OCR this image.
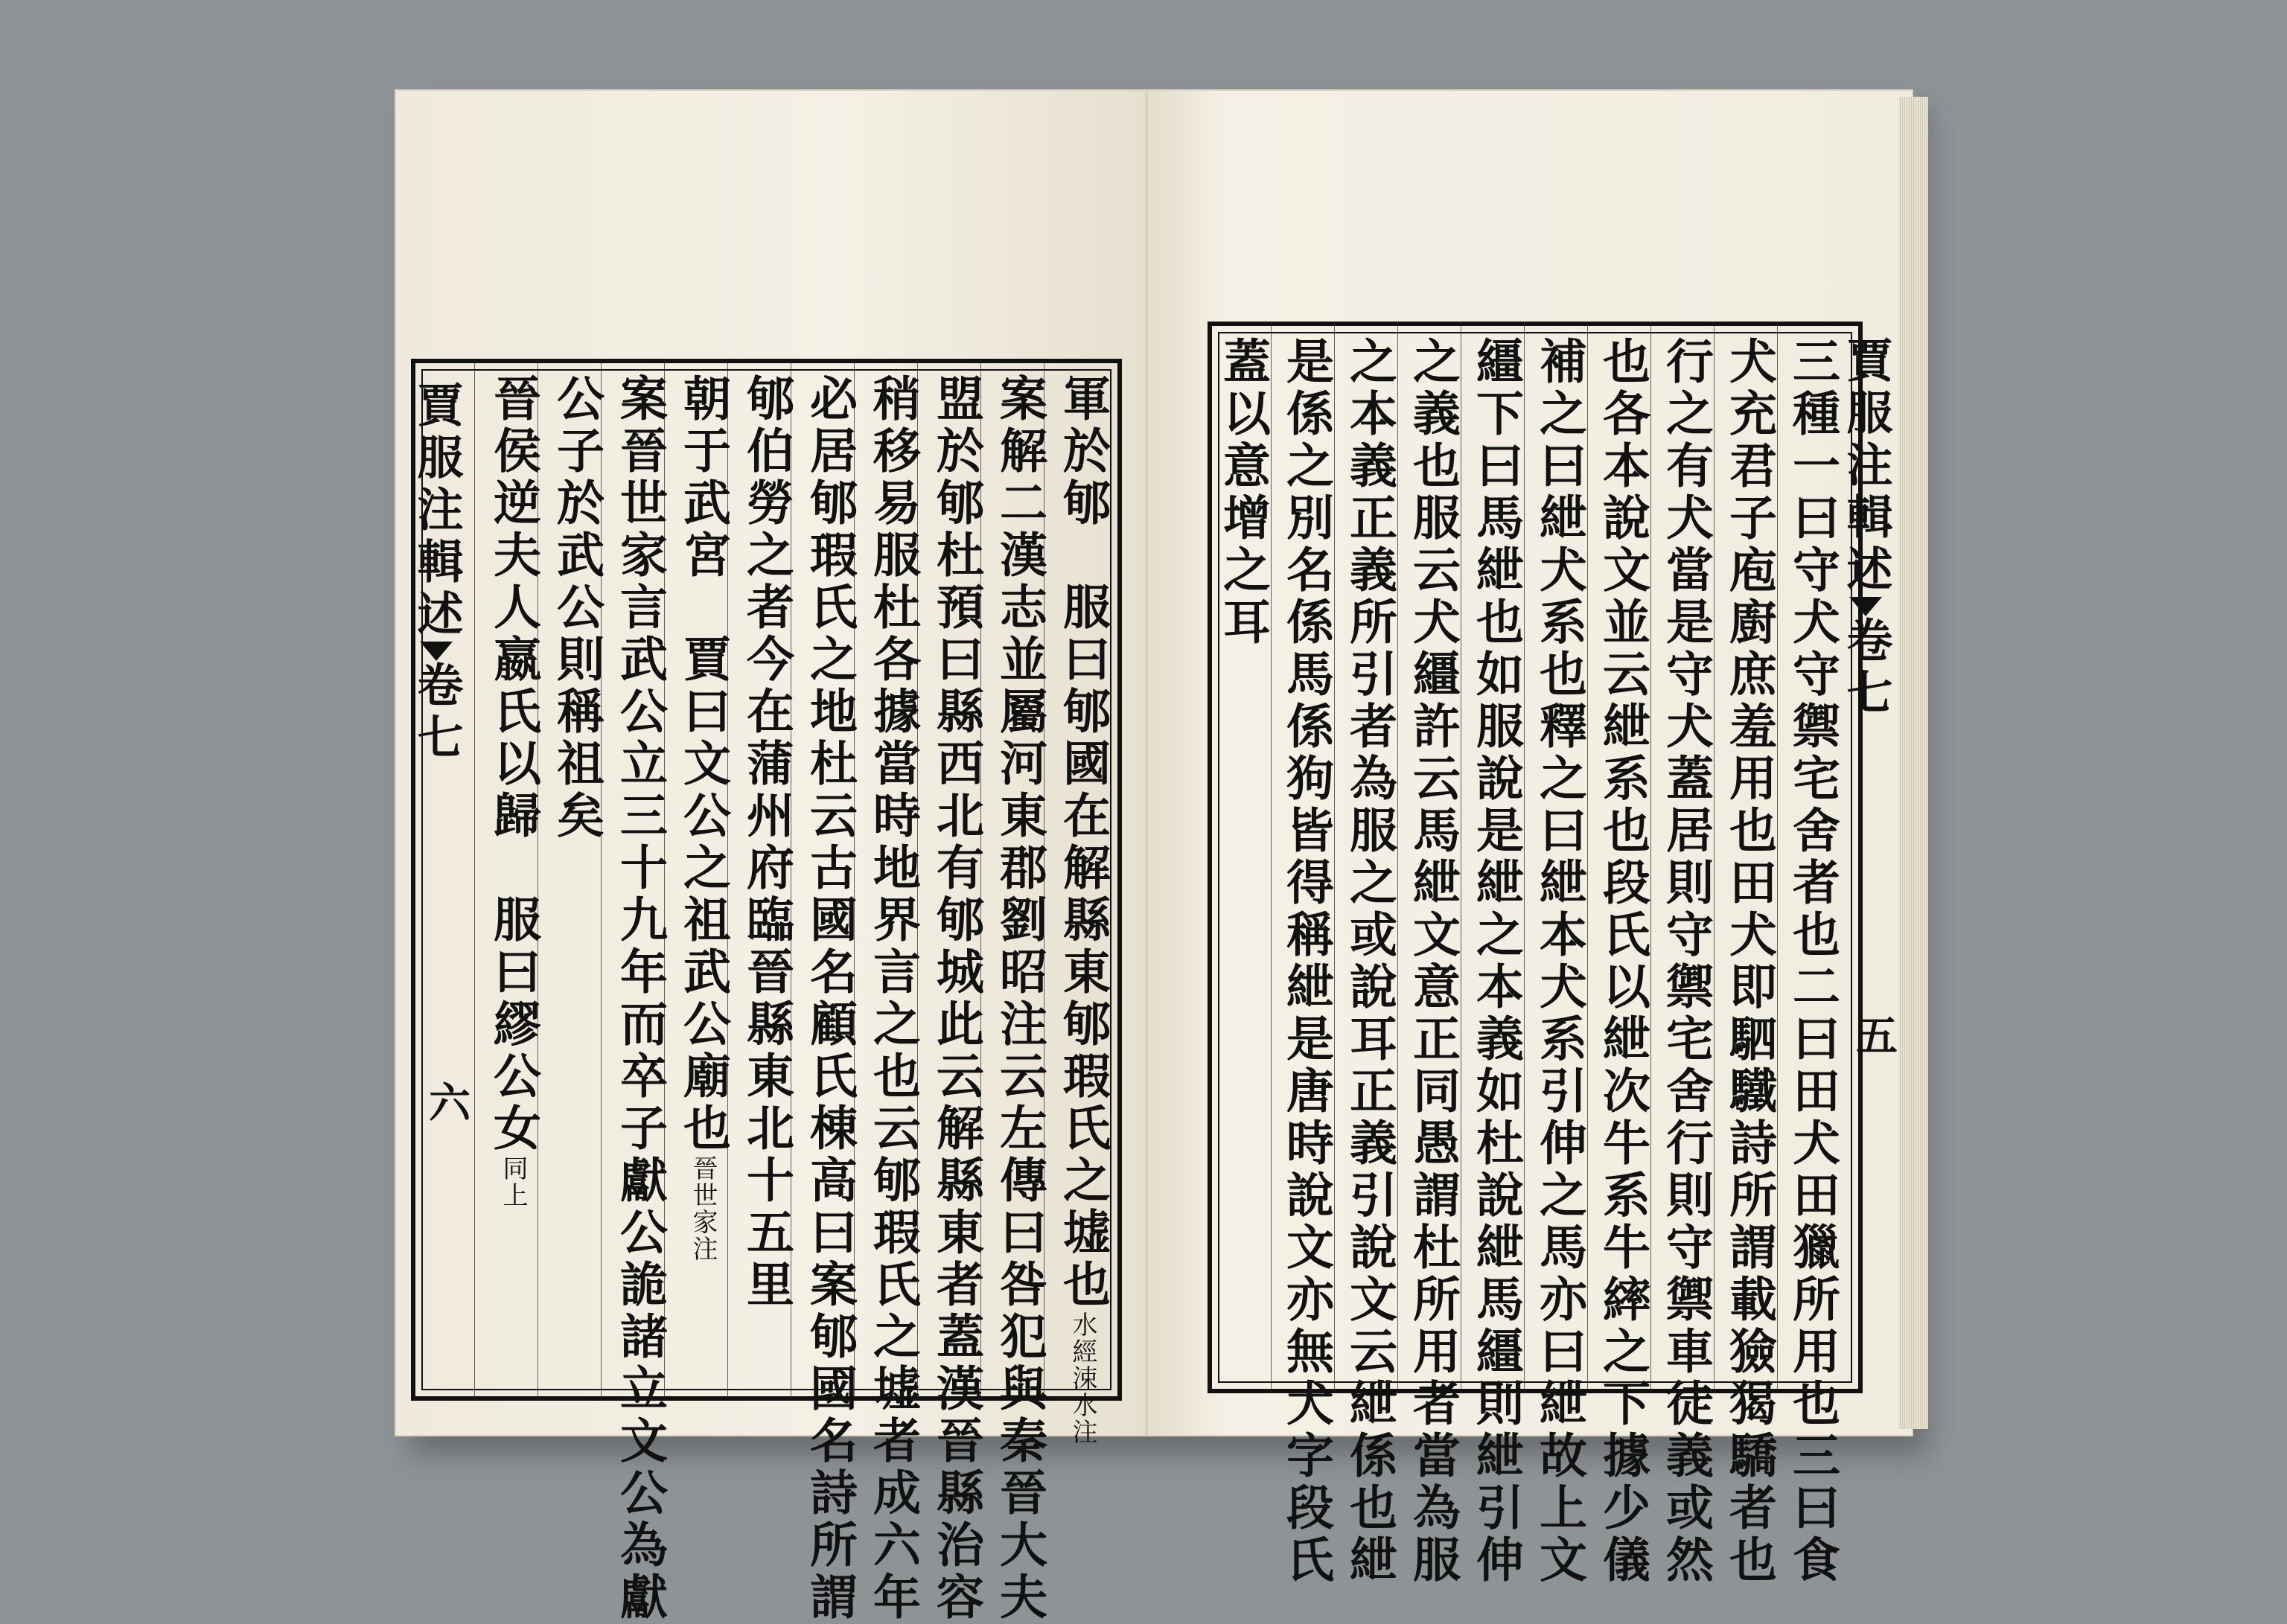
賈服注輯述卷七
六	軍於郇　服曰郇國在解縣東郇瑕氏之墟也水經涑水注
案解二漢志並屬河東郡劉昭注云左傳曰咎犯與秦晉大夫
盟於郇杜預曰縣西北有郇城此云解縣東者蓋漢晉縣治容
稍移易服杜各據當時地界言之也云郇瑕氏之墟者成六年
必居郇瑕氏之地杜云古國名顧氏棟高曰案郇國名詩所謂
郇伯勞之者今在蒲州府臨晉縣東北十五里
朝于武宮　賈曰文公之祖武公廟也晉世家注
案晉世家言武公立三十九年而卒子獻公詭諸立文公為獻
公子於武公則稱祖矣
晉侯逆夫人嬴氏以歸　服曰繆公女同上
賈服注輯述卷七
五
三種一曰守犬守禦宅舍者也二曰田犬田獵所用也三曰食
犬充君子庖廚庶羞用也田犬即駟驖詩所謂載獫猲驕者也
行之有犬當是守犬蓋居則守禦宅舍行則守禦車徒義或然
也各本說文並云紲系也段氏以紲次牛系牛繂之下據少儀
補之曰紲犬系也釋之曰紲本犬系引伸之馬亦曰紲故上文
繮下曰馬紲也如服說是紲之本義如杜說紲馬繮則紲引伸
之義也服云犬繮許云馬紲文意正同愚謂杜所用者當為服
之本義正義所引者為服之或說耳正義引說文云紲係也紲
是係之別名係馬係狗皆得稱紲是唐時說文亦無犬字段氏
蓋以意增之耳
